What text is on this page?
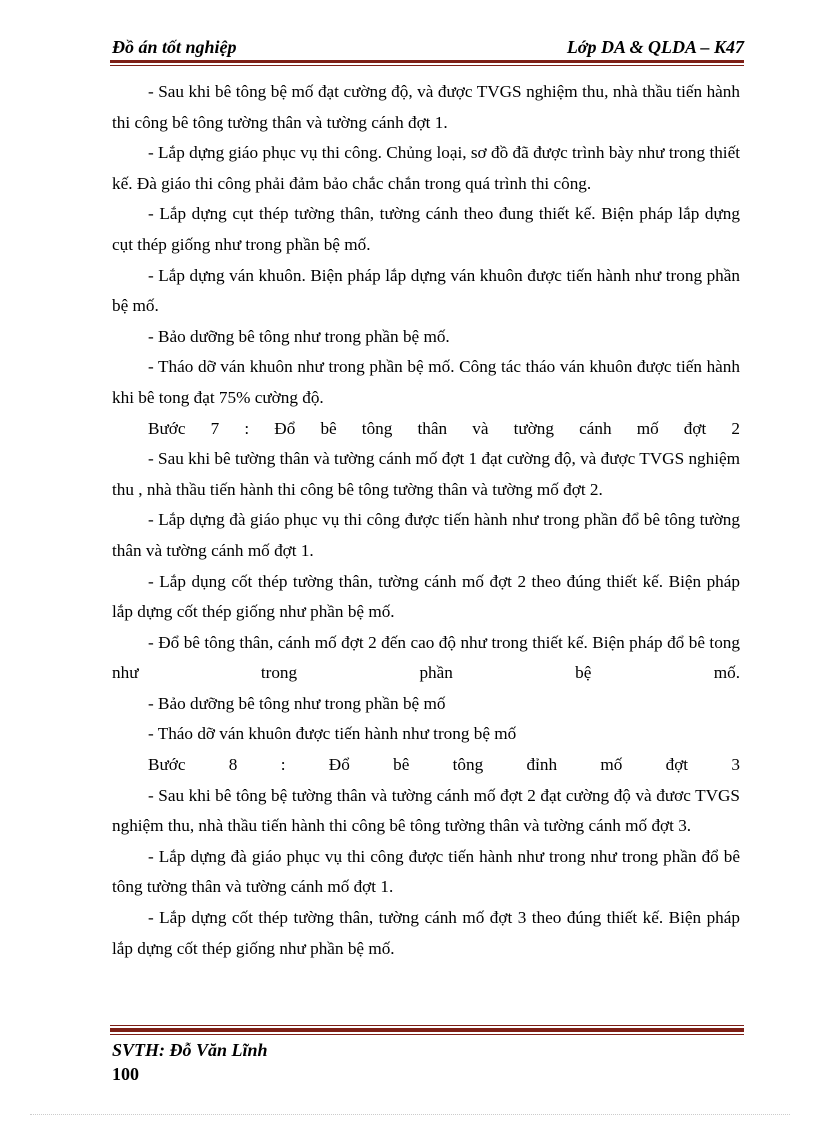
Đồ án tốt nghiệp	Lớp DA & QLDA – K47

- Sau khi bê tông bệ mố đạt cường độ, và được TVGS nghiệm thu, nhà thầu tiến hành thi công bê tông tường thân và tường cánh đợt 1.

- Lắp dựng giáo phục vụ thi công. Chủng loại, sơ đồ đã được trình bày như trong thiết kế. Đà giáo thi công phải đảm bảo chắc chắn trong quá trình thi công.

- Lắp dựng cụt thép tường thân, tường cánh theo đung thiết kế. Biện pháp lắp dựng cụt thép giống như trong phần bệ mố.

- Lắp dựng ván khuôn. Biện pháp lắp dựng ván khuôn được tiến hành như trong phần bệ mố.

- Bảo dưỡng bê tông như trong phần bệ mố.

- Tháo dỡ ván khuôn như trong phần bệ mố. Công tác tháo ván khuôn được tiến hành khi bê tong đạt 75% cường độ.

Bước 7 : Đổ bê tông thân và tường cánh mố đợt 2

- Sau khi bê tường thân và tường cánh mố đợt 1 đạt cường độ, và được TVGS nghiệm thu , nhà thầu tiến hành thi công bê tông tường thân và tường mố đợt 2.

- Lắp dựng đà giáo phục vụ thi công được tiến hành như trong phần đổ bê tông tường thân và tường cánh mố đợt 1.

- Lắp dụng cốt thép tường thân, tường cánh mố đợt 2 theo đúng thiết kế. Biện pháp lắp dựng cốt thép giống như phần bệ mố.

- Đổ bê tông thân, cánh mố đợt 2 đến cao độ như trong thiết kế. Biện pháp đổ bê tong như trong phần bệ mố.

- Bảo dưỡng bê tông như trong phần bệ mố

- Tháo dỡ ván khuôn được tiến hành như trong bệ mố

Bước 8 : Đổ bê tông đỉnh mố đợt 3

- Sau khi bê tông bệ tường thân và tường cánh mố đợt 2 đạt cường độ và đươc TVGS nghiệm thu, nhà thầu tiến hành thi công bê tông tường thân và tường cánh mố đợt 3.

- Lắp dựng đà giáo phục vụ thi công được tiến hành như trong như trong phần đổ bê tông tường thân và tường cánh mố đợt 1.

- Lắp dựng cốt thép tường thân, tường cánh mố đợt 3 theo đúng thiết kế. Biện pháp lắp dựng cốt thép giống như phần bệ mố.

SVTH: Đỗ Văn Lĩnh
100
